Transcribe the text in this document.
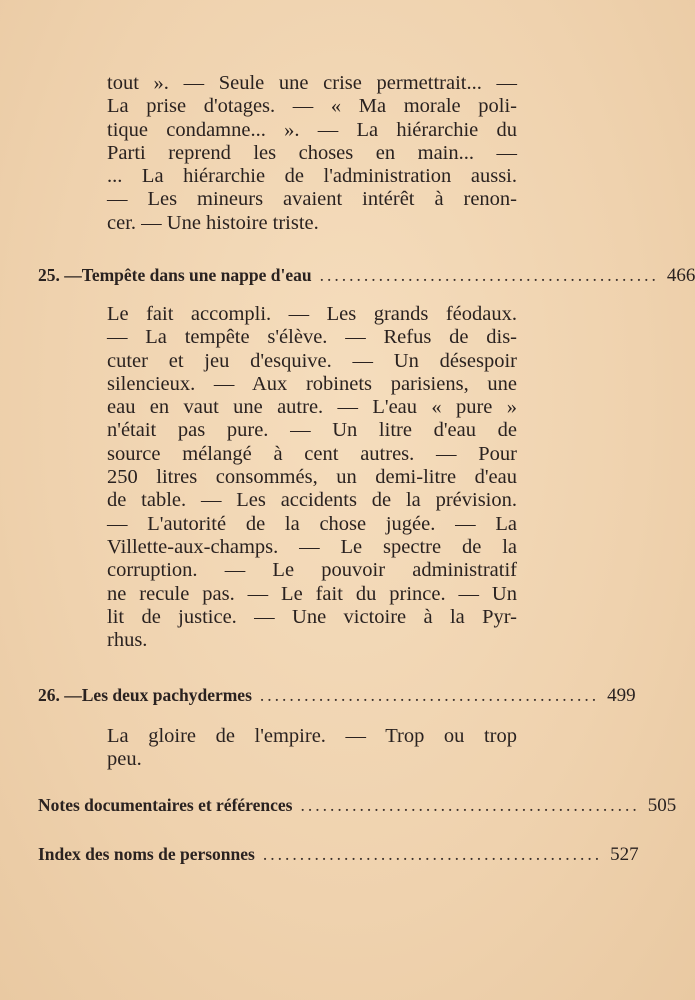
tout ». — Seule une crise permettrait... —
La prise d'otages. — « Ma morale poli-
tique condamne... ». — La hiérarchie du
Parti reprend les choses en main... —
... La hiérarchie de l'administration aussi.
— Les mineurs avaient intérêt à renon-
cer. — Une histoire triste.
25. — Tempête dans une nappe d'eau .............................................. 466
Le fait accompli. — Les grands féodaux.
— La tempête s'élève. — Refus de dis-
cuter et jeu d'esquive. — Un désespoir
silencieux. — Aux robinets parisiens, une
eau en vaut une autre. — L'eau « pure »
n'était pas pure. — Un litre d'eau de
source mélangé à cent autres. — Pour
250 litres consommés, un demi-litre d'eau
de table. — Les accidents de la prévision.
— L'autorité de la chose jugée. — La
Villette-aux-champs. — Le spectre de la
corruption. — Le pouvoir administratif
ne recule pas. — Le fait du prince. — Un
lit de justice. — Une victoire à la Pyr-
rhus.
26. — Les deux pachydermes .............................................. 499
La gloire de l'empire. — Trop ou trop
peu.
Notes documentaires et références .............................................. 505
Index des noms de personnes .............................................. 527
